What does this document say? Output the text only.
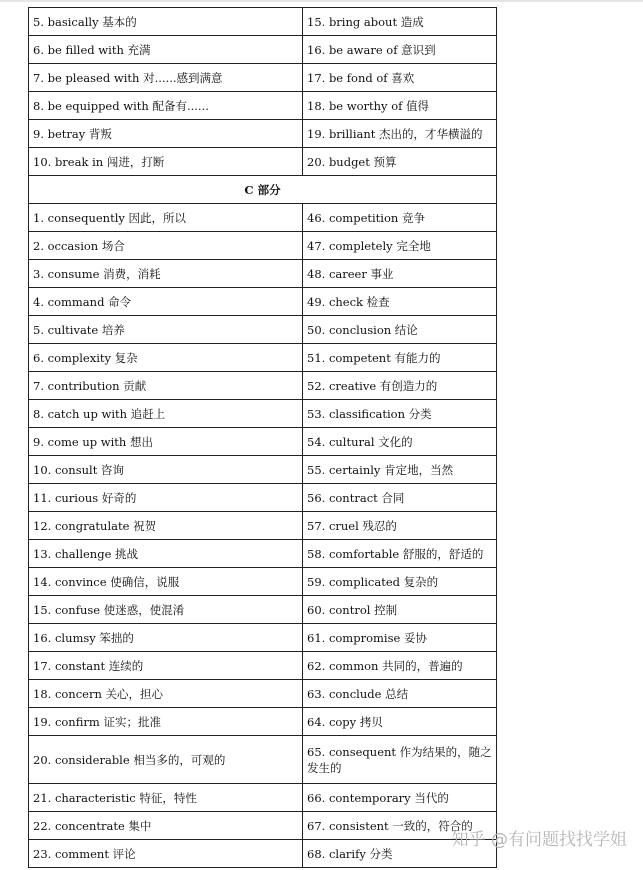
5. basically 基本的	15. bring about 造成
6. be filled with 充满	16. be aware of 意识到
7. be pleased with 对......感到满意	17. be fond of 喜欢
8. be equipped with 配备有......	18. be worthy of 值得
9. betray 背叛	19. brilliant 杰出的，才华横溢的
10. break in 闯进，打断	20. budget 预算
C 部分	
1. consequently 因此，所以	46. competition 竞争
2. occasion 场合	47. completely 完全地
3. consume 消费，消耗	48. career 事业
4. command 命令	49. check 检查
5. cultivate 培养	50. conclusion 结论
6. complexity 复杂	51. competent 有能力的
7. contribution 贡献	52. creative 有创造力的
8. catch up with 追赶上	53. classification 分类
9. come up with 想出	54. cultural 文化的
10. consult 咨询	55. certainly 肯定地，当然
11. curious 好奇的	56. contract 合同
12. congratulate 祝贺	57. cruel 残忍的
13. challenge 挑战	58. comfortable 舒服的，舒适的
14. convince 使确信，说服	59. complicated 复杂的
15. confuse 使迷惑，使混淆	60. control 控制
16. clumsy 笨拙的	61. compromise 妥协
17. constant 连续的	62. common 共同的，普遍的
18. concern 关心，担心	63. conclude 总结
19. confirm 证实；批准	64. copy 拷贝
20. considerable 相当多的，可观的	65. consequent 作为结果的，随之发生的
21. characteristic 特征，特性	66. contemporary 当代的
22. concentrate 集中	67. consistent 一致的，符合的
23. comment 评论	68. clarify 分类
知乎 @有问题找找学姐
